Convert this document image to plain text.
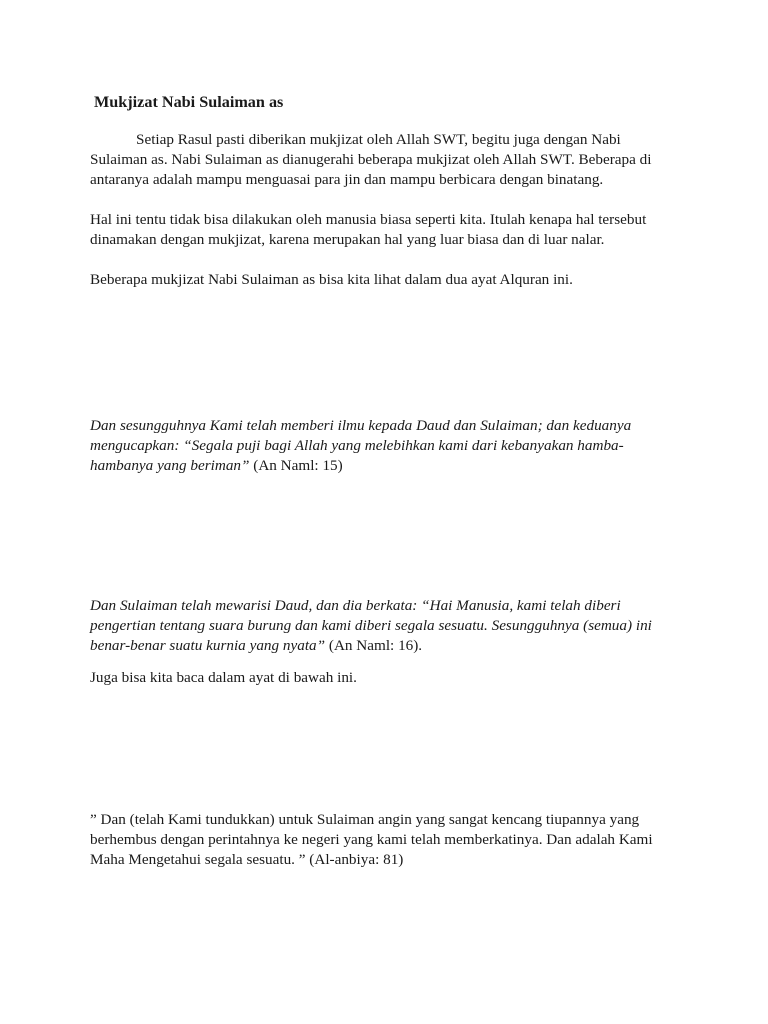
Mukjizat Nabi Sulaiman as

Setiap Rasul pasti diberikan mukjizat oleh Allah SWT, begitu juga dengan Nabi Sulaiman as. Nabi Sulaiman as dianugerahi beberapa mukjizat oleh Allah SWT. Beberapa di antaranya adalah mampu menguasai para jin dan mampu berbicara dengan binatang.

Hal ini tentu tidak bisa dilakukan oleh manusia biasa seperti kita. Itulah kenapa hal tersebut dinamakan dengan mukjizat, karena merupakan hal yang luar biasa dan di luar nalar.

Beberapa mukjizat Nabi Sulaiman as bisa kita lihat dalam dua ayat Alquran ini.

Dan sesungguhnya Kami telah memberi ilmu kepada Daud dan Sulaiman; dan keduanya mengucapkan: “Segala puji bagi Allah yang melebihkan kami dari kebanyakan hamba-hambanya yang beriman” (An Naml: 15)

Dan Sulaiman telah mewarisi Daud, dan dia berkata: “Hai Manusia, kami telah diberi pengertian tentang suara burung dan kami diberi segala sesuatu. Sesungguhnya (semua) ini benar-benar suatu kurnia yang nyata” (An Naml: 16).

Juga bisa kita baca dalam ayat di bawah ini.

” Dan (telah Kami tundukkan) untuk Sulaiman angin yang sangat kencang tiupannya yang berhembus dengan perintahnya ke negeri yang kami telah memberkatinya. Dan adalah Kami Maha Mengetahui segala sesuatu. ” (Al-anbiya: 81)
